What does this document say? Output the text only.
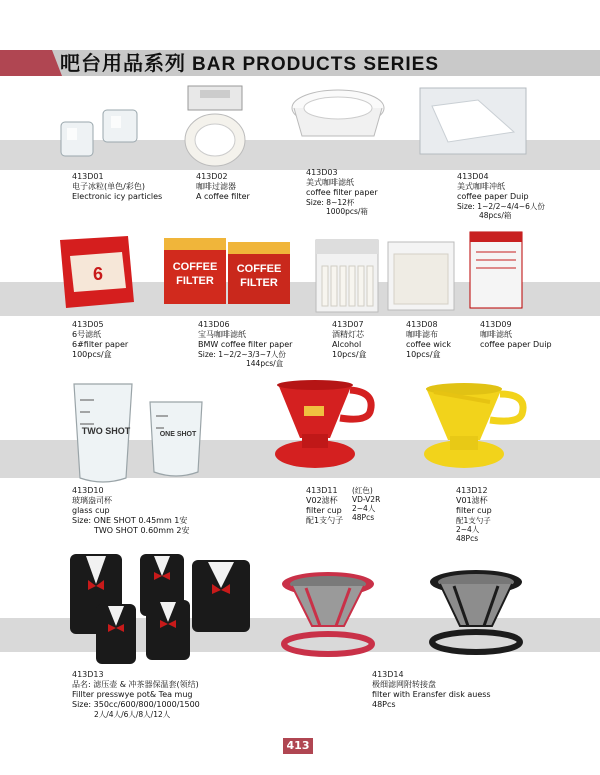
吧台用品系列 BAR PRODUCTS SERIES
413D01
电子冰粒(单色/彩色)
Electronic icy particles
413D02
咖啡过滤器
A coffee filter
413D03
美式咖啡滤纸
coffee filter paper
Size: 8~12杯
1000pcs/箱
413D04
美式咖啡冲纸
coffee paper Duip
Size: 1~2/2~4/4~6人份
48pcs/箱
6	COFFEE
FILTER
COFFEE
FILTER
413D05
6号滤纸
6#filter paper
100pcs/盒
413D06
宝马咖啡滤纸
BMW coffee filter paper
Size: 1~2/2~3/3~7人份
144pcs/盒
413D07
酒精灯芯
Alcohol
10pcs/盒
413D08
咖啡滤布
coffee wick
10pcs/盒
413D09
咖啡滤纸
coffee paper Duip
TWO SHOT	ONE SHOT
413D10
玻璃盎司杯
glass cup
Size: ONE SHOT 0.45mm 1安
TWO SHOT 0.60mm 2安
413D11
V02滤杯
filter cup
配1支勺子
(红色)
VD-V2R
2~4人
48Pcs
413D12
V01滤杯
filter cup
配1支勺子
2~4人
48Pcs
413D13
品名: 滤压壶 & 冲茶器保温套(领结)
Fillter presswye pot& Tea mug
Size: 350cc/600/800/1000/1500
2人/4人/6人/8人/12人
413D14
极细滤网附转接盘
filter with Eransfer disk auess
48Pcs
413
